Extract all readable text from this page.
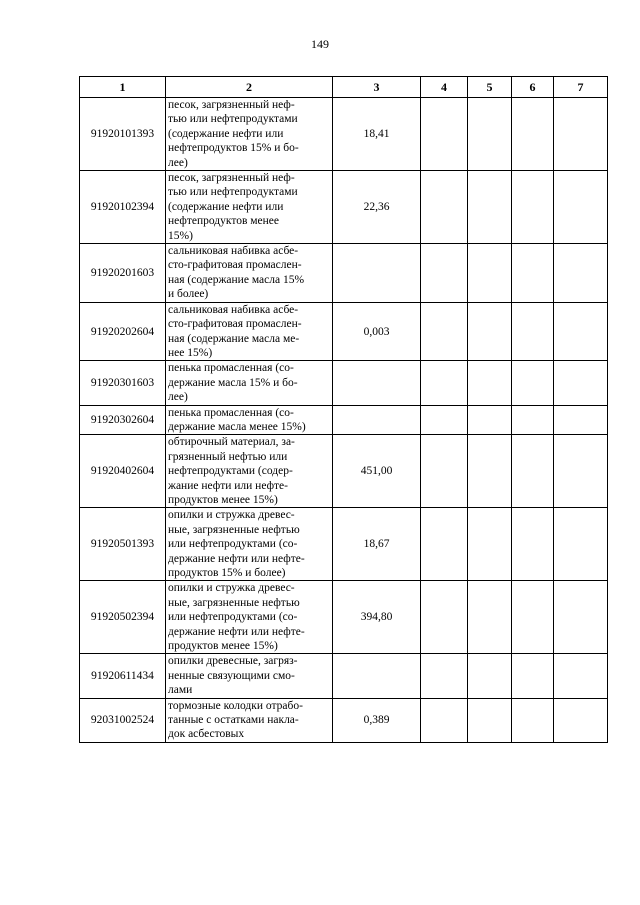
149
1	2	3	4	5	6	7
91920101393	песок, загрязненный неф-
тью или нефтепродуктами
(содержание нефти или
нефтепродуктов 15% и бо-
лее)	18,41				
91920102394	песок, загрязненный неф-
тью или нефтепродуктами
(содержание нефти или
нефтепродуктов менее
15%)	22,36				
91920201603	сальниковая набивка асбе-
сто-графитовая промаслен-
ная (содержание масла 15%
и более)					
91920202604	сальниковая набивка асбе-
сто-графитовая промаслен-
ная (содержание масла ме-
нее 15%)	0,003				
91920301603	пенька промасленная (со-
держание масла 15% и бо-
лее)					
91920302604	пенька промасленная (со-
держание масла менее 15%)					
91920402604	обтирочный материал, за-
грязненный нефтью или
нефтепродуктами (содер-
жание нефти или нефте-
продуктов менее 15%)	451,00				
91920501393	опилки и стружка древес-
ные, загрязненные нефтью
или нефтепродуктами (со-
держание нефти или нефте-
продуктов 15% и более)	18,67				
91920502394	опилки и стружка древес-
ные, загрязненные нефтью
или нефтепродуктами (со-
держание нефти или нефте-
продуктов менее 15%)	394,80				
91920611434	опилки древесные, загряз-
ненные связующими смо-
лами					
92031002524	тормозные колодки отрабо-
танные с остатками накла-
док асбестовых	0,389				
